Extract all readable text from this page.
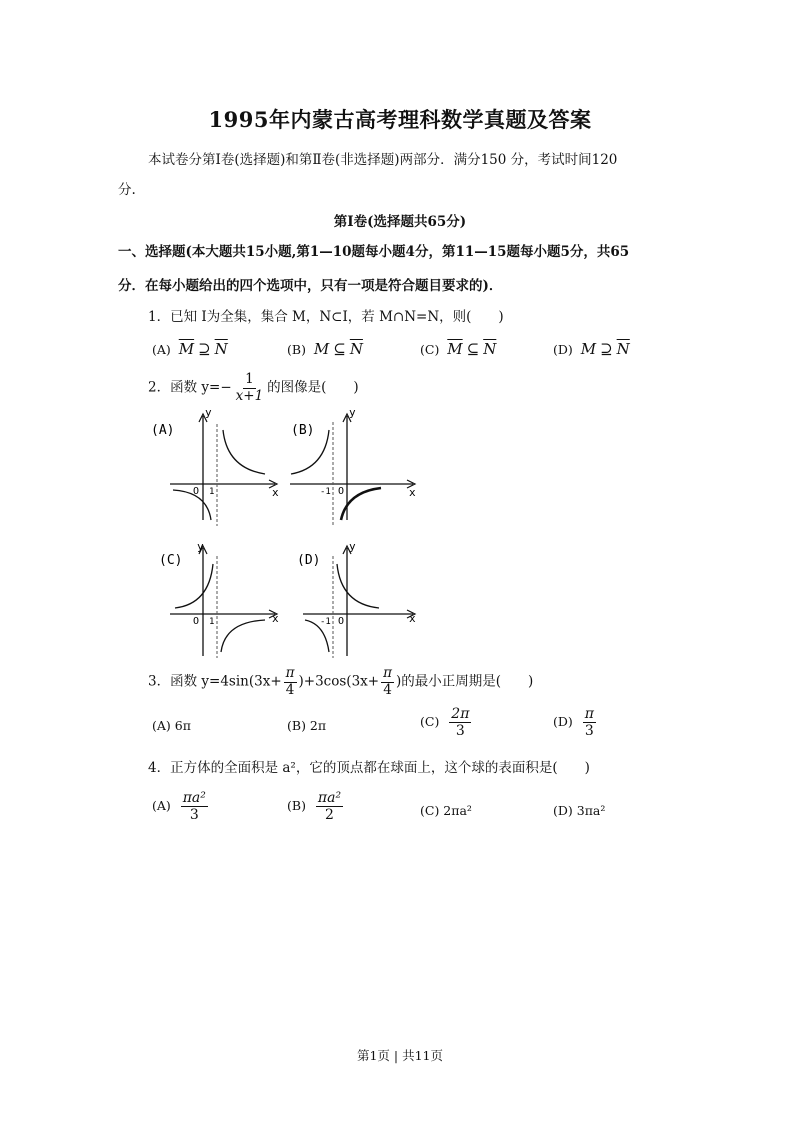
1995年内蒙古高考理科数学真题及答案
本试卷分第Ⅰ卷(选择题)和第Ⅱ卷(非选择题)两部分．满分150 分，考试时间120
分.
第Ⅰ卷(选择题共65分)
一、选择题(本大题共15小题,第1—10题每小题4分，第11—15题每小题5分，共65
分．在每小题给出的四个选项中，只有一项是符合题目要求的)．
1．已知 I为全集，集合 M，N⊂I，若 M∩N=N，则(　　)
(A) $\overline{M}$ ⊇ $\overline{N}$	(B) M ⊆ $\overline{N}$	(C) $\overline{M}$ ⊆ $\overline{N}$	(D) M ⊇ $\overline{N}$
2．函数 $y=- \frac{1}{x+1}$ 的图像是(　　)
(A)
y
x
O 1
(B)
y
x
-1 O
(C)
y
x
O 1
(D)
y
x
-1 O
3．函数 $y=4\sin(3x+ \frac{\pi}{4} )+3\cos(3x+ \frac{\pi}{4}$ )的最小正周期是(　　)
(A) 6π	(B) 2π	$(C) \frac{2\pi}{3}$	$(D) \frac{\pi}{3}$
4．正方体的全面积是 a²，它的顶点都在球面上，这个球的表面积是(　　)
$(A) \frac{\text{πa²}}{3}$	$(B) \frac{\text{πa²}}{2}$	(C) 2πa²	(D) 3πa²
第1页 | 共11页
